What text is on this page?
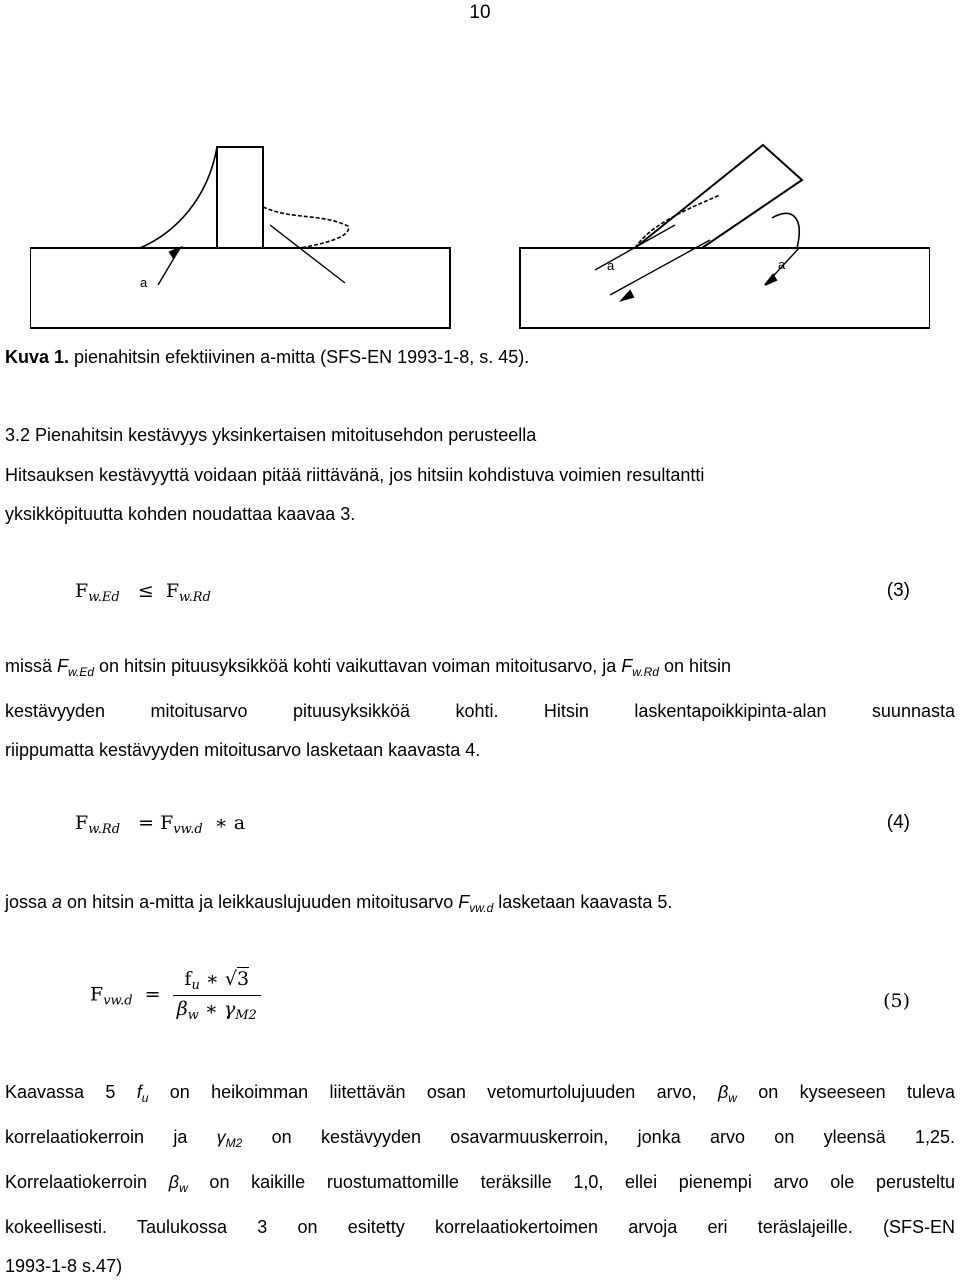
10
a
a	a
Kuva 1. pienahitsin efektiivinen a-mitta (SFS-EN 1993-1-8, s. 45).
3.2 Pienahitsin kestävyys yksinkertaisen mitoitusehdon perusteella
Hitsauksen kestävyyttä voidaan pitää riittävänä, jos hitsiin kohdistuva voimien resultantti
yksikköpituutta kohden noudattaa kaavaa 3.
$F_{w.Ed} \le F_{w.Rd}$	(3)
missä $F_{w.Ed}$ on hitsin pituusyksikköä kohti vaikuttavan voiman mitoitusarvo, ja $F_{w.Rd}$ on hitsin
kestävyyden mitoitusarvo pituusyksikköä kohti. Hitsin laskentapoikkipinta-alan suunnasta
riippumatta kestävyyden mitoitusarvo lasketaan kaavasta 4.
$F_{w.Rd} = F_{vw.d}$ ∗ a	(4)
jossa a on hitsin a-mitta ja leikkauslujuuden mitoitusarvo $F_{vw.d}$ lasketaan kaavasta 5.
$F_{vw.d} = \frac{f_u ∗ √3}{\beta_w ∗ \gamma_{M2}}$	(5)
Kaavassa 5 $f_u$ on heikoimman liitettävän osan vetomurtolujuuden arvo, $\beta_w$ on kyseeseen tuleva
korrelaatiokerroin ja $\gamma_{M2}$ on kestävyyden osavarmuuskerroin, jonka arvo on yleensä 1,25.
Korrelaatiokerroin $\beta_w$ on kaikille ruostumattomille teräksille 1,0, ellei pienempi arvo ole perusteltu
kokeellisesti. Taulukossa 3 on esitetty korrelaatiokertoimen arvoja eri teräslajeille. (SFS-EN
1993-1-8 s.47)
